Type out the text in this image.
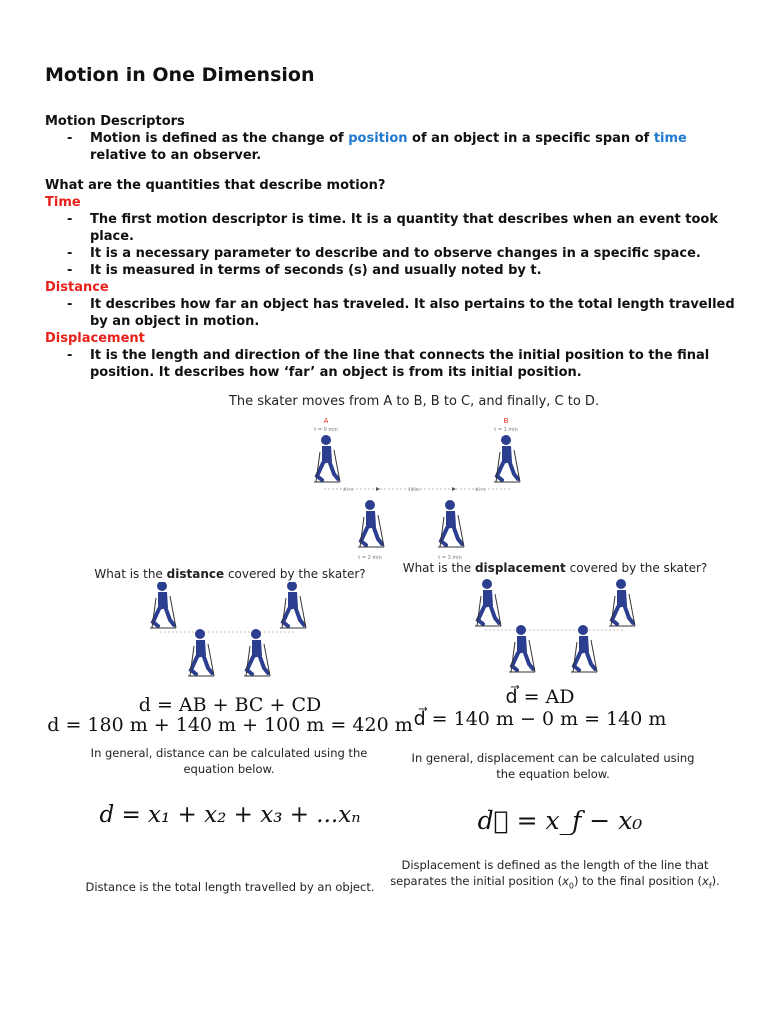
Motion in One Dimension
Motion Descriptors
- Motion is defined as the change of position of an object in a specific span of time relative to an observer.
What are the quantities that describe motion?
Time
- The first motion descriptor is time. It is a quantity that describes when an event took place.
- It is a necessary parameter to describe and to observe changes in a specific space.
- It is measured in terms of seconds (s) and usually noted by t.
Distance
- It describes how far an object has traveled. It also pertains to the total length travelled by an object in motion.
Displacement
- It is the length and direction of the line that connects the initial position to the final position. It describes how ‘far’ an object is from its initial position.
The skater moves from A to B, B to C, and finally, C to D.
A
t = 0 min
B
t = 1 min
40 m	100m	40 m
t = 2 min	t = 3 min
What is the distance covered by the skater?
d = AB + BC + CD
d = 180 m + 140 m + 100 m = 420 m
In general, distance can be calculated using the equation below.
d = x₁ + x₂ + x₃ + ...xₙ
Distance is the total length travelled by an object.
What is the displacement covered by the skater?
d⃗ = AD
d⃗ = 140 m − 0 m = 140 m
In general, displacement can be calculated using the equation below.
d⃗ = x_f − x₀
Displacement is defined as the length of the line that separates the initial position $(x_0)$ to the final position $(x_f)$.
